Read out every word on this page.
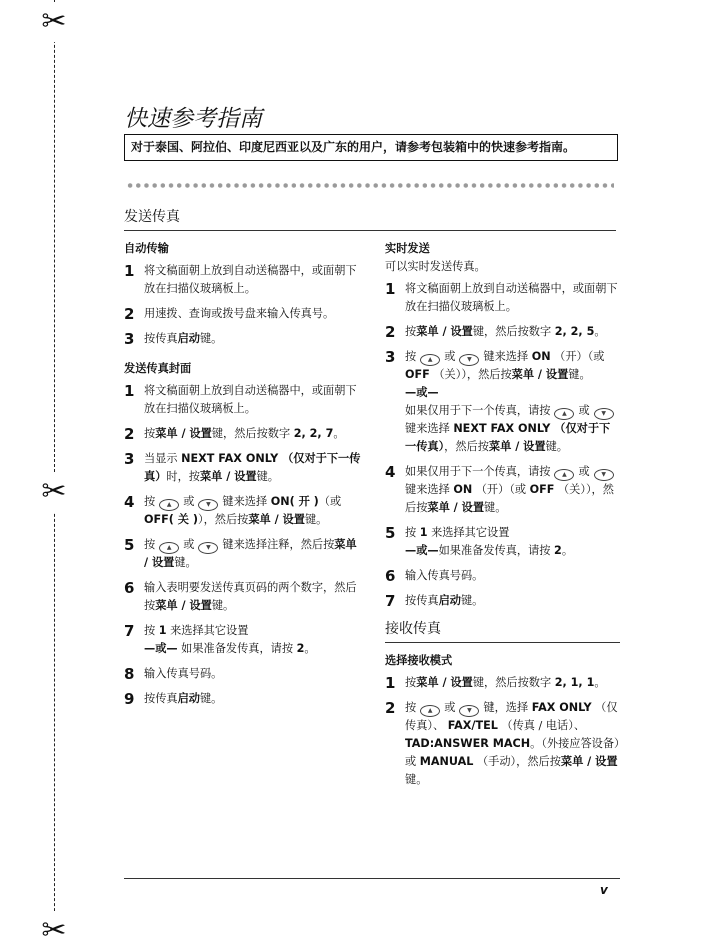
✂
✂
✂
快速参考指南
对于泰国、阿拉伯、印度尼西亚以及广东的用户，请参考包装箱中的快速参考指南。
发送传真
自动传输
1 将文稿面朝上放到自动送稿器中，或面朝下放在扫描仪玻璃板上。
2 用速拨、查询或拨号盘来输入传真号。
3 按传真启动键。
发送传真封面
1 将文稿面朝上放到自动送稿器中，或面朝下放在扫描仪玻璃板上。
2 按菜单 / 设置键，然后按数字 2, 2, 7。
3 当显示 NEXT FAX ONLY （仅对于下一传真）时，按菜单 / 设置键。
4 按 ▲ 或 ▼ 键来选择 ON( 开 )（或 OFF( 关 )），然后按菜单 / 设置键。
5 按 ▲ 或 ▼ 键来选择注释，然后按菜单 / 设置键。
6 输入表明要发送传真页码的两个数字，然后按菜单 / 设置键。
7 按 1 来选择其它设置
—或— 如果准备发传真，请按 2。
8 输入传真号码。
9 按传真启动键。
实时发送
可以实时发送传真。
1 将文稿面朝上放到自动送稿器中，或面朝下放在扫描仪玻璃板上。
2 按菜单 / 设置键，然后按数字 2, 2, 5。
3 按 ▲ 或 ▼ 键来选择 ON （开）（或 OFF （关）），然后按菜单 / 设置键。
—或—
如果仅用于下一个传真，请按 ▲ 或 ▼键来选择 NEXT FAX ONLY （仅对于下一传真），然后按菜单 / 设置键。
4 如果仅用于下一个传真，请按 ▲ 或 ▼键来选择 ON （开）（或 OFF （关）），然后按菜单 / 设置键。
5 按 1 来选择其它设置
—或—如果准备发传真，请按 2。
6 输入传真号码。
7 按传真启动键。
接收传真
选择接收模式
1 按菜单 / 设置键，然后按数字 2, 1, 1。
2 按 ▲ 或 ▼ 键，选择 FAX ONLY （仅传真）、 FAX/TEL （传真 / 电话）、 TAD:ANSWER MACH。（外接应答设备）或 MANUAL （手动），然后按菜单 / 设置键。
v
